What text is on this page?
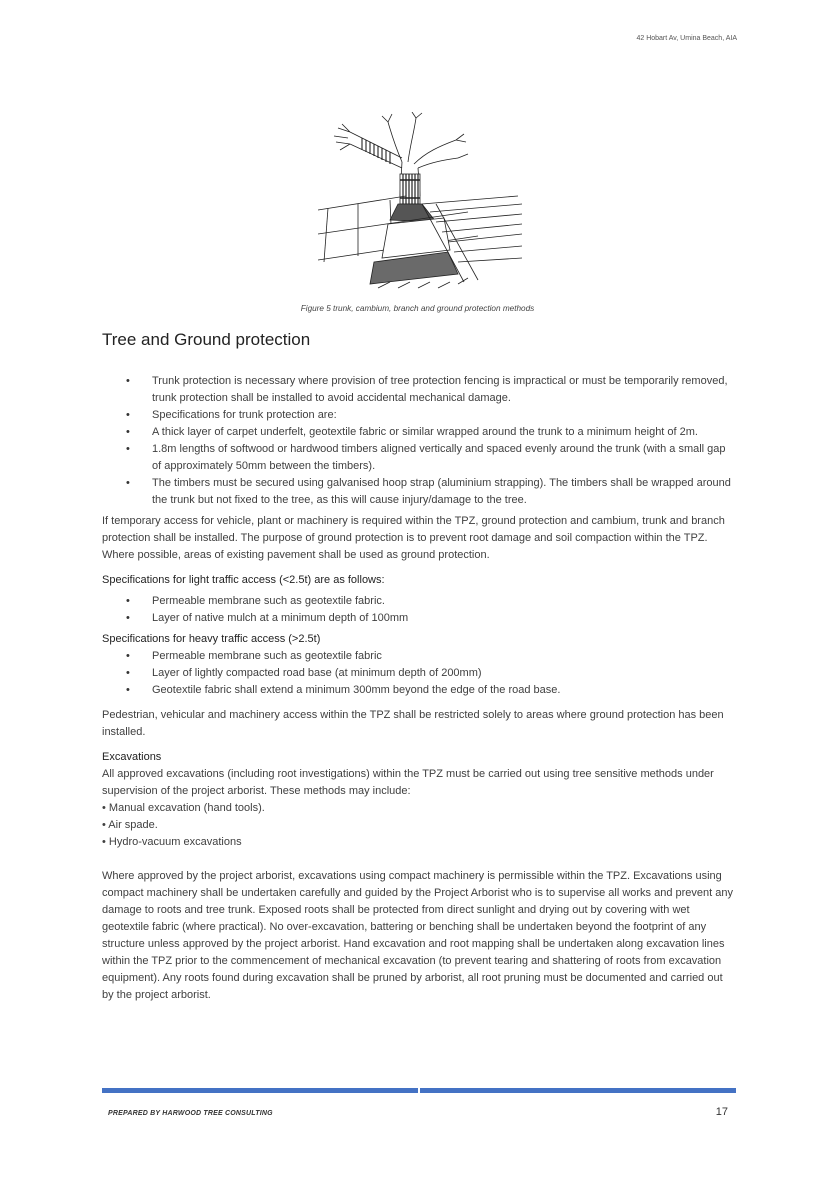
42 Hobart Av, Umina Beach, AIA
Figure 5 trunk, cambium, branch and ground protection methods
Tree and Ground protection
• Trunk protection is necessary where provision of tree protection fencing is impractical or must be temporarily removed, trunk protection shall be installed to avoid accidental mechanical damage.
• Specifications for trunk protection are:
• A thick layer of carpet underfelt, geotextile fabric or similar wrapped around the trunk to a minimum height of 2m.
• 1.8m lengths of softwood or hardwood timbers aligned vertically and spaced evenly around the trunk (with a small gap of approximately 50mm between the timbers).
• The timbers must be secured using galvanised hoop strap (aluminium strapping). The timbers shall be wrapped around the trunk but not fixed to the tree, as this will cause injury/damage to the tree.

If temporary access for vehicle, plant or machinery is required within the TPZ, ground protection and cambium, trunk and branch protection shall be installed. The purpose of ground protection is to prevent root damage and soil compaction within the TPZ. Where possible, areas of existing pavement shall be used as ground protection.

Specifications for light traffic access (<2.5t) are as follows:

• Permeable membrane such as geotextile fabric.
• Layer of native mulch at a minimum depth of 100mm

Specifications for heavy traffic access (>2.5t)

• Permeable membrane such as geotextile fabric
• Layer of lightly compacted road base (at minimum depth of 200mm)
• Geotextile fabric shall extend a minimum 300mm beyond the edge of the road base.

Pedestrian, vehicular and machinery access within the TPZ shall be restricted solely to areas where ground protection has been installed.

Excavations

All approved excavations (including root investigations) within the TPZ must be carried out using tree sensitive methods under supervision of the project arborist. These methods may include:

• Manual excavation (hand tools).
• Air spade.
• Hydro-vacuum excavations

Where approved by the project arborist, excavations using compact machinery is permissible within the TPZ. Excavations using compact machinery shall be undertaken carefully and guided by the Project Arborist who is to supervise all works and prevent any damage to roots and tree trunk. Exposed roots shall be protected from direct sunlight and drying out by covering with wet geotextile fabric (where practical). No over-excavation, battering or benching shall be undertaken beyond the footprint of any structure unless approved by the project arborist. Hand excavation and root mapping shall be undertaken along excavation lines within the TPZ prior to the commencement of mechanical excavation (to prevent tearing and shattering of roots from excavation equipment). Any roots found during excavation shall be pruned by arborist, all root pruning must be documented and carried out by the project arborist.

PREPARED BY HARWOOD TREE CONSULTING	17
